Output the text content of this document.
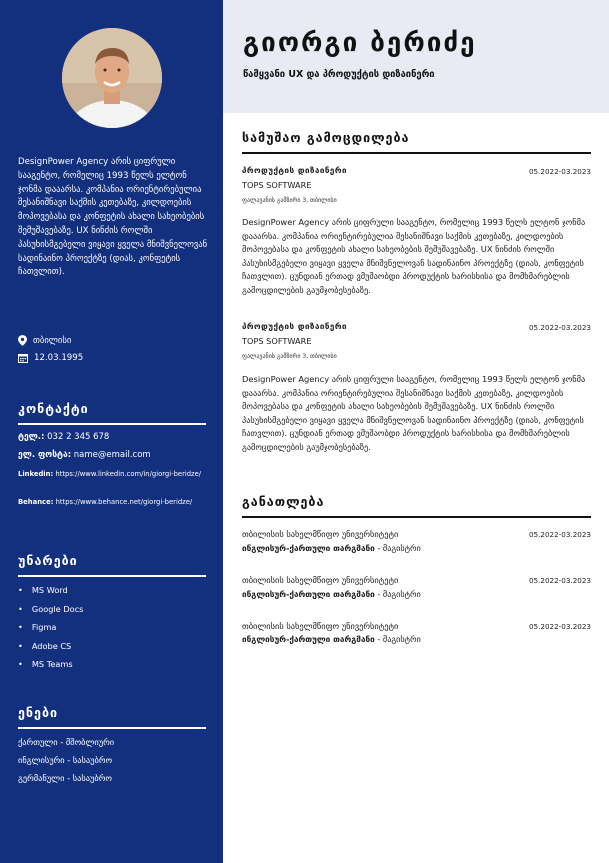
DesignPower Agency არის ციფრული სააგენტო, რომელიც 1993 წელს ელტონ ჯონმა დააარსა. კომპანია ორიენტირებულია შესანიშნავი საქმის კეთებაზე, კილდოების მოპოვებასა და კონფეტის ახალი სახეობების შემუშავებაზე. UX ნინძის როლში პასუხისმგებელი ვიყავი ყველა მნიშვნელოვან სადინაინო პროექტზე (დიას, კონფეტის ჩათვლით).
თბილისი
12.03.1995
კონტაქტი
ტელ.: 032 2 345 678
ელ. ფოსტა: name@email.com
Linkedin: https://www.linkedin.com/in/giorgi-beridze/
Behance: https://www.behance.net/giorgi-beridze/
უნარები
• MS Word
• Google Docs
• Figma
• Adobe CS
• MS Teams
ენები
ქართული - მშობლიური
ინგლისური - სასაუბრო
გერმანული - სასაუბრო
გიორგი ბერიძე
წამყვანი UX და პროდუქტის დიზაინერი
სამუშაო გამოცდილება
პროდუქტის დიზაინერი	05.2022-03.2023
TOPS SOFTWARE
ფალავანის გამზირი 3, თბილისი
DesignPower Agency არის ციფრული სააგენტო, რომელიც 1993 წელს ელტონ ჯონმა დააარსა. კომპანია ორიენტირებულია შესანიშნავი საქმის კეთებაზე, კილდოების მოპოვებასა და კონფეტის ახალი სახეობების შემუშავებაზე. UX ნინძის როლში პასუხისმგებელი ვიყავი ყველა მნიშვნელოვან სადინაინო პროექტზე (დიას, კონფეტის ჩათვლით). ცუნდიან ერთად ვმუშაობდი პროდუქტის ხარისხისა და მომხმარებლის გამოცდილების გაუმჯობესებაზე.
პროდუქტის დიზაინერი	05.2022-03.2023
TOPS SOFTWARE
ფალავანის გამზირი 3, თბილისი
DesignPower Agency არის ციფრული სააგენტო, რომელიც 1993 წელს ელტონ ჯონმა დააარსა. კომპანია ორიენტირებულია შესანიშნავი საქმის კეთებაზე, კილდოების მოპოვებასა და კონფეტის ახალი სახეობების შემუშავებაზე. UX ნინძის როლში პასუხისმგებელი ვიყავი ყველა მნიშვნელოვან სადინაინო პროექტზე (დიას, კონფეტის ჩათვლით). ცუნდიან ერთად ვმუშაობდი პროდუქტის ხარისხისა და მომხმარებლის გამოცდილების გაუმჯობესებაზე.
განათლება
თბილისის სახელმწიფო უნივერსიტეტი	05.2022-03.2023
ინგლისურ-ქართული თარგმანი - მაგისტრი
თბილისის სახელმწიფო უნივერსიტეტი	05.2022-03.2023
ინგლისურ-ქართული თარგმანი - მაგისტრი
თბილისის სახელმწიფო უნივერსიტეტი	05.2022-03.2023
ინგლისურ-ქართული თარგმანი - მაგისტრი
